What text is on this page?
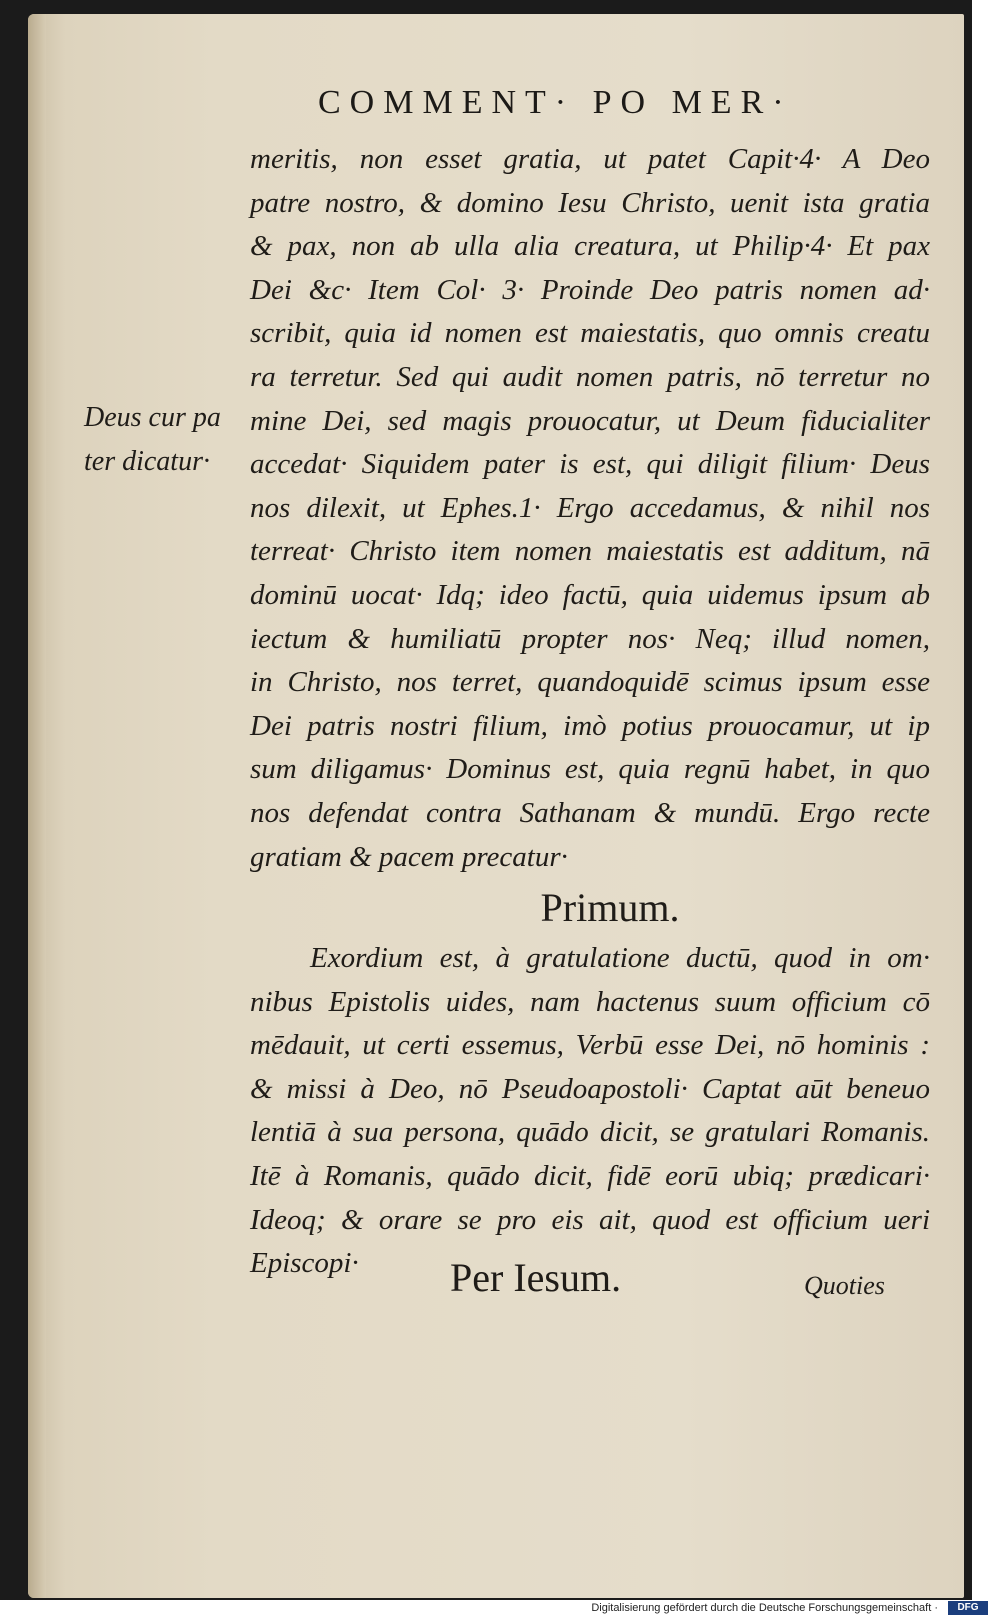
COMMENT· PO MER·
Deus cur pa
ter dicatur·
meritis, non esset gratia, ut patet Capit·4· A Deo
patre nostro, & domino Iesu Christo, uenit ista gratia
& pax, non ab ulla alia creatura, ut Philip·4· Et pax
Dei &c· Item Col· 3· Proinde Deo patris nomen ad·
scribit, quia id nomen est maiestatis, quo omnis creatu
ra terretur. Sed qui audit nomen patris, nō terretur no
mine Dei, sed magis prouocatur, ut Deum fiducialiter
accedat· Siquidem pater is est, qui diligit filium· Deus
nos dilexit, ut Ephes.1· Ergo accedamus, & nihil nos
terreat· Christo item nomen maiestatis est additum, nā
dominū uocat· Idq; ideo factū, quia uidemus ipsum ab
iectum & humiliatū propter nos· Neq; illud nomen,
in Christo, nos terret, quandoquidē scimus ipsum esse
Dei patris nostri filium, imò potius prouocamur, ut ip
sum diligamus· Dominus est, quia regnū habet, in quo
nos defendat contra Sathanam & mundū. Ergo recte
gratiam & pacem precatur·
Primum.
Exordium est, à gratulatione ductū, quod in om·
nibus Epistolis uides, nam hactenus suum officium cō
mēdauit, ut certi essemus, Verbū esse Dei, nō hominis :
& missi à Deo, nō Pseudoapostoli· Captat aūt beneuo
lentiā à sua persona, quādo dicit, se gratulari Romanis.
Itē à Romanis, quādo dicit, fidē eorū ubiq; prædicari·
Ideoq; & orare se pro eis ait, quod est officium ueri
Episcopi·	Per Iesum.	Quoties
Digitalisierung gefördert durch die Deutsche Forschungsgemeinschaft ·	DFG
